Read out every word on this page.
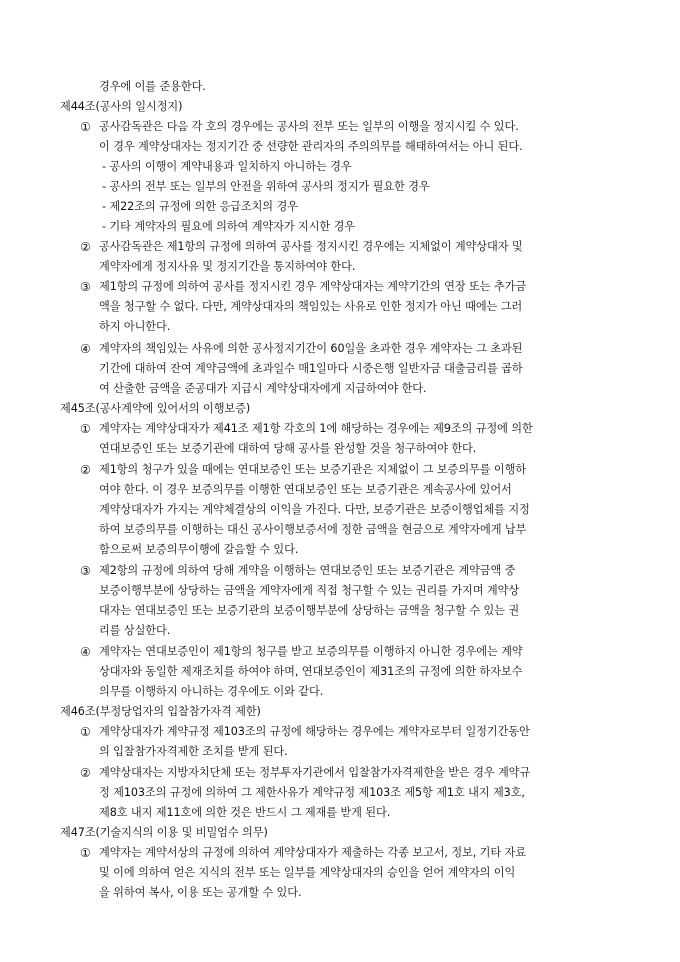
경우에 이를 준용한다.
제44조(공사의 일시정지)
① 공사감독관은 다음 각 호의 경우에는 공사의 전부 또는 일부의 이행을 정지시킬 수 있다.
이 경우 계약상대자는 정지기간 중 선량한 관리자의 주의의무를 해태하여서는 아니 된다.
- 공사의 이행이 계약내용과 일치하지 아니하는 경우
- 공사의 전부 또는 일부의 안전을 위하여 공사의 정지가 필요한 경우
- 제22조의 규정에 의한 응급조치의 경우
- 기타 계약자의 필요에 의하여 계약자가 지시한 경우
② 공사감독관은 제1항의 규정에 의하여 공사를 정지시킨 경우에는 지체없이 계약상대자 및
계약자에게 정지사유 및 정지기간을 통지하여야 한다.
③ 제1항의 규정에 의하여 공사를 정지시킨 경우 계약상대자는 계약기간의 연장 또는 추가금
액을 청구할 수 없다. 다만, 계약상대자의 책임있는 사유로 인한 정지가 아닌 때에는 그러
하지 아니한다.
④ 계약자의 책임있는 사유에 의한 공사정지기간이 60일을 초과한 경우 계약자는 그 초과된
기간에 대하여 잔여 계약금액에 초과일수 매1일마다 시중은행 일반자금 대출금리를 곱하
여 산출한 금액을 준공대가 지급시 계약상대자에게 지급하여야 한다.
제45조(공사계약에 있어서의 이행보증)
① 계약자는 계약상대자가 제41조 제1항 각호의 1에 해당하는 경우에는 제9조의 규정에 의한
연대보증인 또는 보증기관에 대하여 당해 공사를 완성할 것을 청구하여야 한다.
② 제1항의 청구가 있을 때에는 연대보증인 또는 보증기관은 지체없이 그 보증의무를 이행하
여야 한다. 이 경우 보증의무를 이행한 연대보증인 또는 보증기관은 계속공사에 있어서
계약상대자가 가지는 계약체결상의 이익을 가진다. 다만, 보증기관은 보증이행업체를 지정
하여 보증의무를 이행하는 대신 공사이행보증서에 정한 금액을 현금으로 계약자에게 납부
함으로써 보증의무이행에 갈음할 수 있다.
③ 제2항의 규정에 의하여 당해 계약을 이행하는 연대보증인 또는 보증기관은 계약금액 중
보증이행부분에 상당하는 금액을 계약자에게 직접 청구할 수 있는 권리를 가지며 계약상
대자는 연대보증인 또는 보증기관의 보증이행부분에 상당하는 금액을 청구할 수 있는 권
리를 상실한다.
④ 계약자는 연대보증인이 제1항의 청구를 받고 보증의무를 이행하지 아니한 경우에는 계약
상대자와 동일한 제재조치를 하여야 하며, 연대보증인이 제31조의 규정에 의한 하자보수
의무를 이행하지 아니하는 경우에도 이와 같다.
제46조(부정당업자의 입찰참가자격 제한)
① 계약상대자가 계약규정 제103조의 규정에 해당하는 경우에는 계약자로부터 일정기간동안
의 입찰참가자격제한 조치를 받게 된다.
② 계약상대자는 지방자치단체 또는 정부투자기관에서 입찰참가자격제한을 받은 경우 계약규
정 제103조의 규정에 의하여 그 제한사유가 계약규정 제103조 제5항 제1호 내지 제3호,
제8호 내지 제11호에 의한 것은 반드시 그 제재를 받게 된다.
제47조(기술지식의 이용 및 비밀엄수 의무)
① 계약자는 계약서상의 규정에 의하여 계약상대자가 제출하는 각종 보고서, 정보, 기타 자료
및 이에 의하여 얻은 지식의 전부 또는 일부를 계약상대자의 승인을 얻어 계약자의 이익
을 위하여 복사, 이용 또는 공개할 수 있다.
